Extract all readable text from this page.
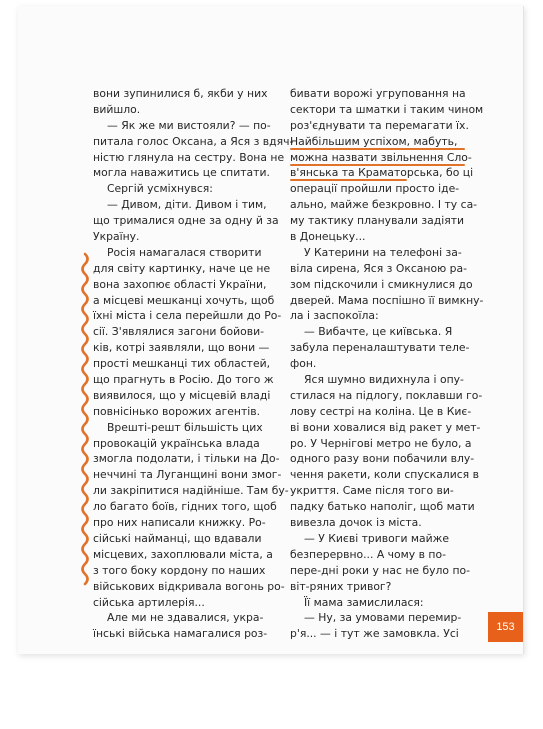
вони зупинилися б, якби у них
вийшло.
— Як же ми вистояли? — по-
питала голос Оксана, а Яся з вдяч-
ністю глянула на сестру. Вона не
могла наважитись це спитати.
Сергій усміхнувся:
— Дивом, діти. Дивом і тим,
що трималися одне за одну й за
Україну.
Росія намагалася створити
для світу картинку, наче це не
вона захопює області України,
а місцеві мешканці хочуть, щоб
їхні міста і села перейшли до Ро-
сії. З'являлися загони бойови-
ків, котрі заявляли, що вони —
прості мешканці тих областей,
що прагнуть в Росію. До того ж
виявилося, що у місцевій владі
повнісінько ворожих агентів.
Врешті-решт більшість цих
провокацій українська влада
змогла подолати, і тільки на До-
неччині та Луганщині вони змог-
ли закріпитися надійніше. Там бу-
ло багато боїв, гідних того, щоб
про них написали книжку. Ро-
сійські найманці, що вдавали
місцевих, захоплювали міста, а
з того боку кордону по наших
військових відкривала вогонь ро-
сійська артилерія...
Але ми не здавалися, укра-
їнські війська намагалися роз-
бивати ворожі угруповання на
сектори та шматки і таким чином
роз'єднувати та перемагати їх.
Найбільшим успіхом, мабуть,
можна назвати звільнення Сло-
в'янська та Краматорська, бо ці
операції пройшли просто іде-
ально, майже безкровно. І ту са-
му тактику планували задіяти
в Донецьку...
У Катерини на телефоні за-
віла сирена, Яся з Оксаною ра-
зом підскочили і смикнулися до
дверей. Мама поспішно її вимкну-
ла і заспокоїла:
— Вибачте, це київська. Я
забула переналаштувати теле-
фон.
Яся шумно видихнула і опу-
стилася на підлогу, поклавши го-
лову сестрі на коліна. Це в Киє-
ві вони ховалися від ракет у мет-
ро. У Чернігові метро не було, а
одного разу вони побачили влу-
чення ракети, коли спускалися в
укриття. Саме після того ви-
падку батько наполіг, щоб мати
вивезла дочок із міста.
— У Києві тривоги майже
безперервно... А чому в по-
пере-дні роки у нас не було по-
віт-ряних тривог?
Її мама замислилася:
— Ну, за умовами перемир-
р'я... — і тут же замовкла. Усі
153
